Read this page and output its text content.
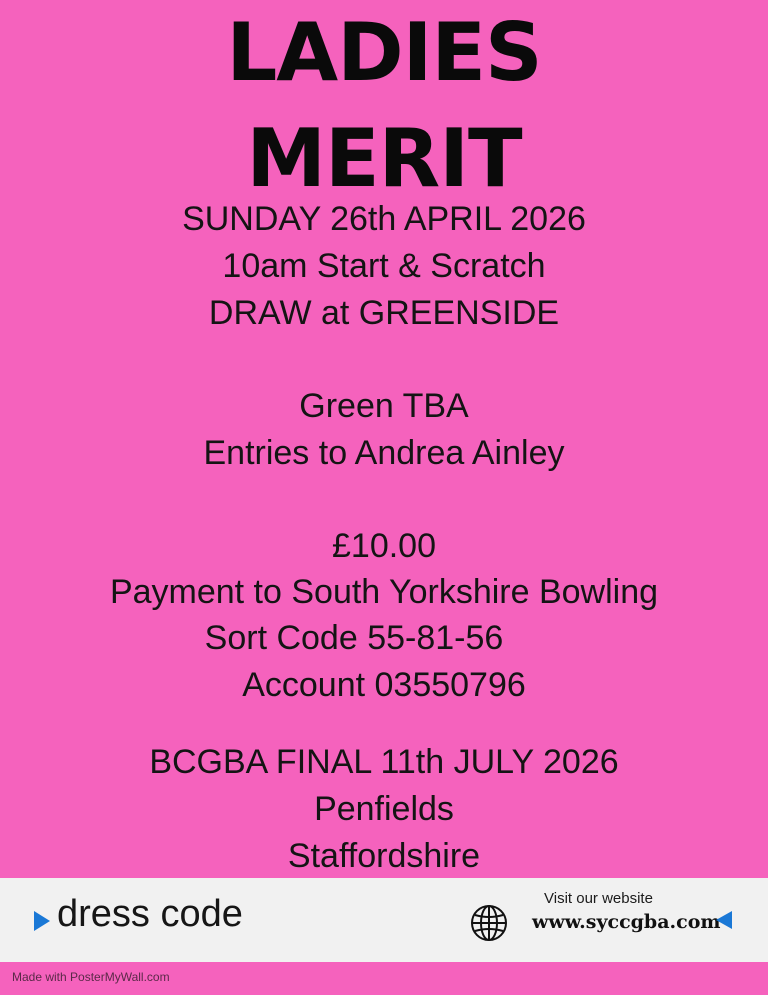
LADIES
MERIT
SUNDAY 26th APRIL 2026
10am Start & Scratch
DRAW at GREENSIDE
Green TBA
Entries to Andrea Ainley
£10.00
Payment to South Yorkshire Bowling
Sort Code 55-81-56
Account 03550796
BCGBA FINAL 11th JULY 2026
Penfields
Staffordshire
dress code	Visit our website
www.syccgba.com
Made with PosterMyWall.com
